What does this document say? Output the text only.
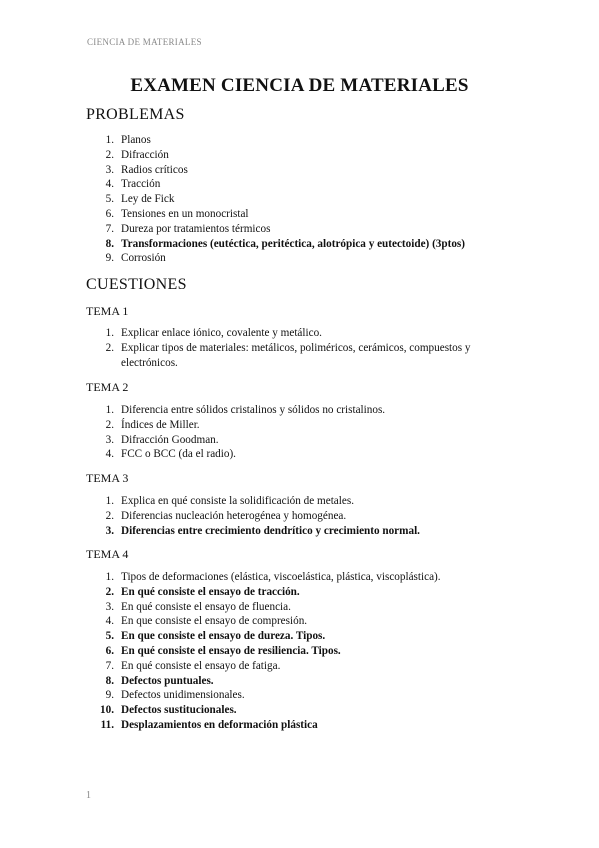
CIENCIA DE MATERIALES
EXAMEN CIENCIA DE MATERIALES
PROBLEMAS
1. Planos
2. Difracción
3. Radios críticos
4. Tracción
5. Ley de Fick
6. Tensiones en un monocristal
7. Dureza por tratamientos térmicos
8. Transformaciones (eutéctica, peritéctica, alotrópica y eutectoide) (3ptos)
9. Corrosión
CUESTIONES
TEMA 1
1. Explicar enlace iónico, covalente y metálico.
2. Explicar tipos de materiales: metálicos, poliméricos, cerámicos, compuestos y electrónicos.
TEMA 2
1. Diferencia entre sólidos cristalinos y sólidos no cristalinos.
2. Índices de Miller.
3. Difracción Goodman.
4. FCC o BCC (da el radio).
TEMA 3
1. Explica en qué consiste la solidificación de metales.
2. Diferencias nucleación heterogénea y homogénea.
3. Diferencias entre crecimiento dendrítico y crecimiento normal.
TEMA 4
1. Tipos de deformaciones (elástica, viscoelástica, plástica, viscoplástica).
2. En qué consiste el ensayo de tracción.
3. En qué consiste el ensayo de fluencia.
4. En que consiste el ensayo de compresión.
5. En que consiste el ensayo de dureza. Tipos.
6. En qué consiste el ensayo de resiliencia. Tipos.
7. En qué consiste el ensayo de fatiga.
8. Defectos puntuales.
9. Defectos unidimensionales.
10. Defectos sustitucionales.
11. Desplazamientos en deformación plástica
1
